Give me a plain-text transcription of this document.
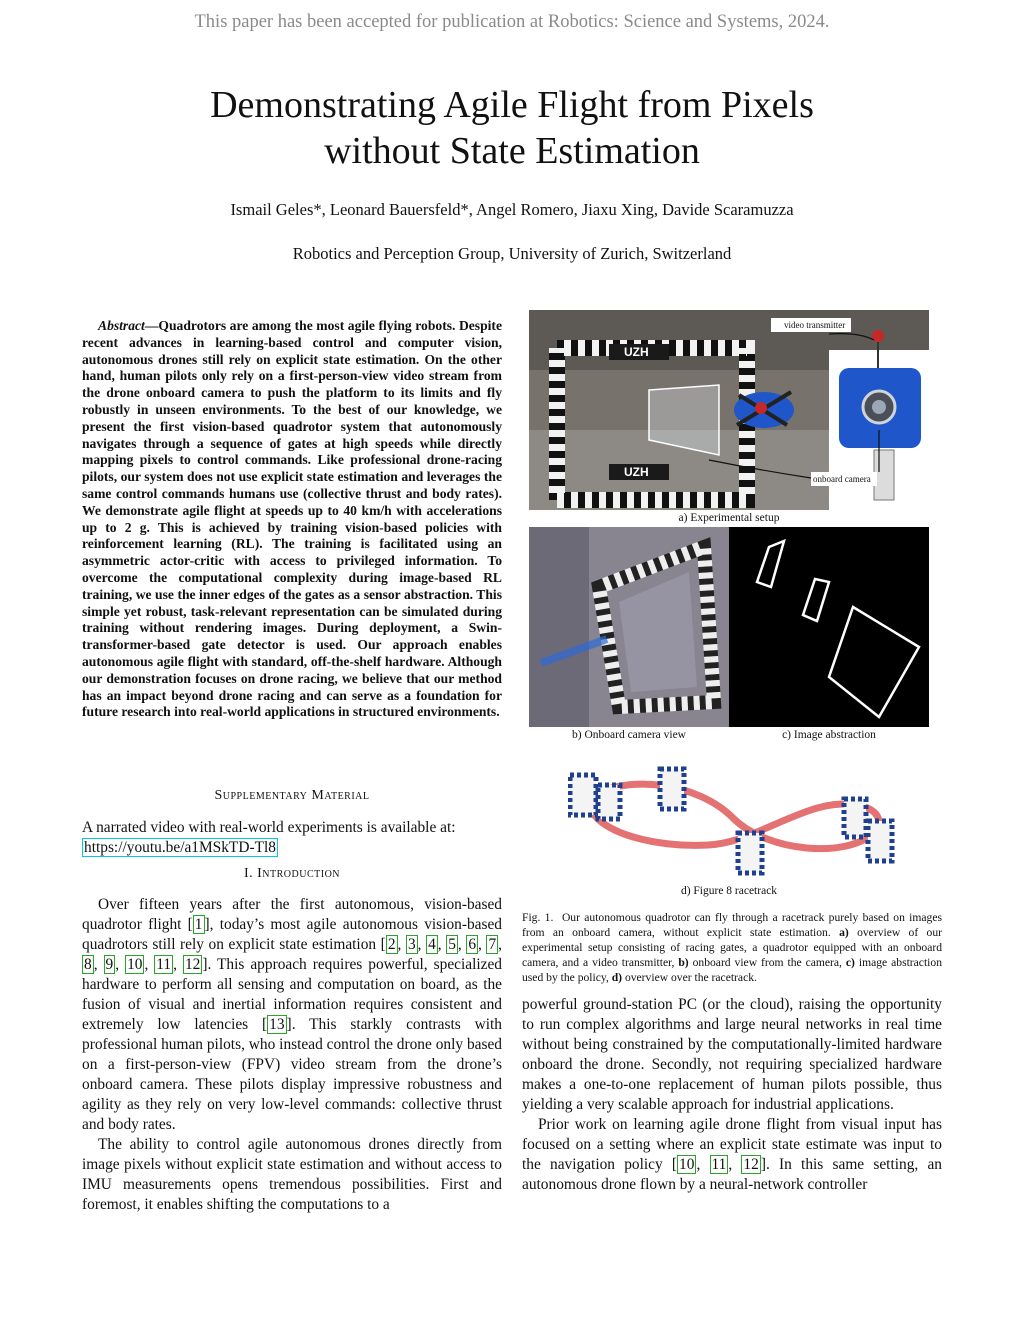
This paper has been accepted for publication at Robotics: Science and Systems, 2024.
Demonstrating Agile Flight from Pixels
without State Estimation
Ismail Geles*, Leonard Bauersfeld*, Angel Romero, Jiaxu Xing, Davide Scaramuzza
Robotics and Perception Group, University of Zurich, Switzerland
Abstract—Quadrotors are among the most agile flying robots. Despite recent advances in learning-based control and computer vision, autonomous drones still rely on explicit state estimation. On the other hand, human pilots only rely on a first-person-view video stream from the drone onboard camera to push the platform to its limits and fly robustly in unseen environments. To the best of our knowledge, we present the first vision-based quadrotor system that autonomously navigates through a sequence of gates at high speeds while directly mapping pixels to control commands. Like professional drone-racing pilots, our system does not use explicit state estimation and leverages the same control commands humans use (collective thrust and body rates). We demonstrate agile flight at speeds up to 40 km/h with accelerations up to 2 g. This is achieved by training vision-based policies with reinforcement learning (RL). The training is facilitated using an asymmetric actor-critic with access to privileged information. To overcome the computational complexity during image-based RL training, we use the inner edges of the gates as a sensor abstraction. This simple yet robust, task-relevant representation can be simulated during training without rendering images. During deployment, a Swin-transformer-based gate detector is used. Our approach enables autonomous agile flight with standard, off-the-shelf hardware. Although our demonstration focuses on drone racing, we believe that our method has an impact beyond drone racing and can serve as a foundation for future research into real-world applications in structured environments.
Supplementary Material
A narrated video with real-world experiments is available at:
https://youtu.be/a1MSkTD-Tl8
I. Introduction
Over fifteen years after the first autonomous, vision-based quadrotor flight [ 1 ], today’s most agile autonomous vision-based quadrotors still rely on explicit state estimation [ 2 , 3 , 4 , 5 , 6 , 7 , 8 , 9 , 10 , 11 , 12 ]. This approach requires powerful, specialized hardware to perform all sensing and computation on board, as the fusion of visual and inertial information requires consistent and extremely low latencies [ 13 ]. This starkly contrasts with professional human pilots, who instead control the drone only based on a first-person-view (FPV) video stream from the drone’s onboard camera. These pilots display impressive robustness and agility as they rely on very low-level commands: collective thrust and body rates.
The ability to control agile autonomous drones directly from image pixels without explicit state estimation and without access to IMU measurements opens tremendous possibilities. First and foremost, it enables shifting the computations to a
UZH
UZH
video transmitter
onboard camera
a) Experimental setup
b) Onboard camera view	c) Image abstraction
d) Figure 8 racetrack
Fig. 1. Our autonomous quadrotor can fly through a racetrack purely based on images from an onboard camera, without explicit state estimation. a) overview of our experimental setup consisting of racing gates, a quadrotor equipped with an onboard camera, and a video transmitter, b) onboard view from the camera, c) image abstraction used by the policy, d) overview over the racetrack.
powerful ground-station PC (or the cloud), raising the opportunity to run complex algorithms and large neural networks in real time without being constrained by the computationally-limited hardware onboard the drone. Secondly, not requiring specialized hardware makes a one-to-one replacement of human pilots possible, thus yielding a very scalable approach for industrial applications.
Prior work on learning agile drone flight from visual input has focused on a setting where an explicit state estimate was input to the navigation policy [ 10 , 11 , 12 ]. In this same setting, an autonomous drone flown by a neural-network controller
